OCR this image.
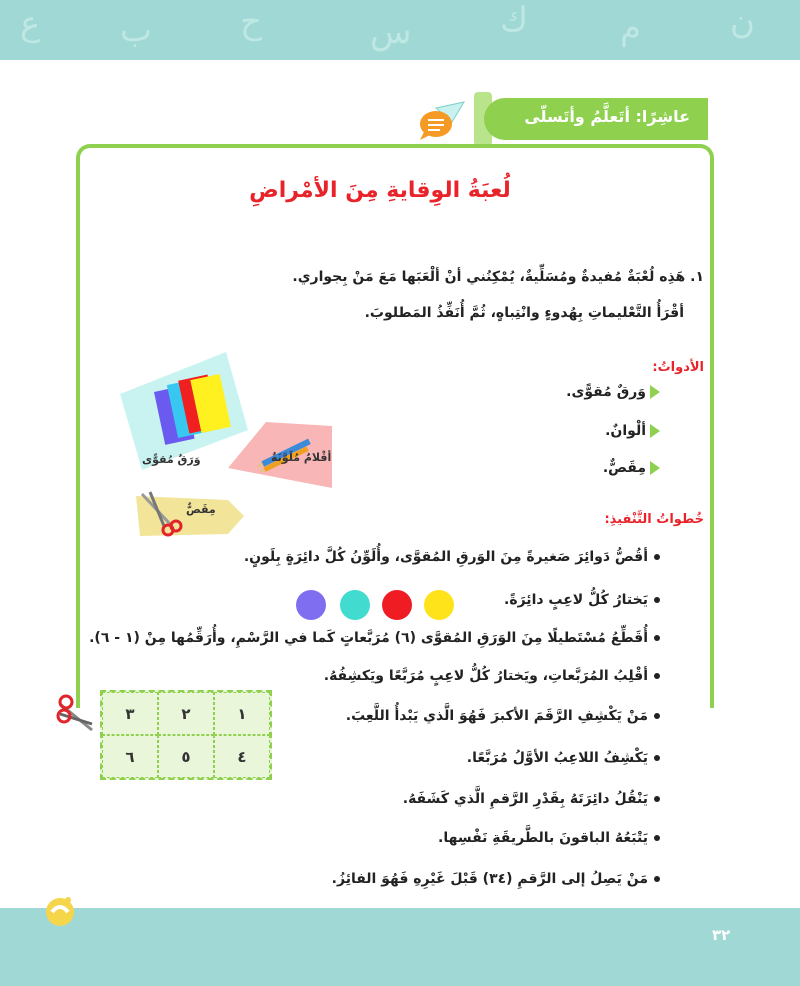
ع ب	ح	س	ك	م	ن
عاشِرًا: أتَعلَّمُ وأتَسلّى
لُعبَةُ الوِقايةِ مِنَ الأمْراضِ
١. هَذِه لُعْبَةٌ مُفيدةٌ ومُسَلِّيةٌ، يُمْكِنُني أنْ ألْعَبَها مَعَ مَنْ بِجواري.
أقْرَأُ التَّعْليماتِ بِهُدوءٍ وانْتِباهٍ، ثُمَّ أُنَفِّذُ المَطلوبَ.
الأدواتُ:
وَرقٌ مُقوًّى.
ألْوانٌ.
مِقَصٌّ.
وَرَقٌ مُقوًّى	أقْلامٌ مُلَوَّنَةٌ
مِقَصٌّ
خُطواتُ التَّنْفيذِ:
أقُصُّ دَوائِرَ صَغيرةً مِنَ الوَرقِ المُقوَّى، وأُلَوِّنُ كُلَّ دائِرَةٍ بِلَونٍ.
يَختارُ كُلُّ لاعِبٍ دائِرَةً.
أُقَطِّعُ مُسْتَطيلًا مِنَ الوَرَقِ المُقوَّى (٦) مُرَبَّعاتٍ كَما في الرَّسْمِ، وأُرَقِّمُها مِنْ (١ - ٦).
أقْلِبُ المُرَبَّعاتِ، ويَختارُ كُلُّ لاعِبٍ مُرَبَّعًا ويَكشِفُهُ.
مَنْ يَكْشِفِ الرَّقَمَ الأكبرَ فَهُوَ الَّذي يَبْدأُ اللَّعِبَ.
يَكْشِفُ اللاعِبُ الأوَّلُ مُرَبَّعًا.
يَنْقُلُ دائِرَتَهُ بِقَدْرِ الرَّقمِ الَّذي كَشَفَهُ.
يَتْبَعُهُ الباقونَ بالطَّريقَةِ نَفْسِها.
مَنْ يَصِلُ إلى الرَّقمِ (٣٤) قَبْلَ غَيْرِهِ فَهُوَ الفائِزُ.
٣	٢	١
٦	٥	٤
٣٢
